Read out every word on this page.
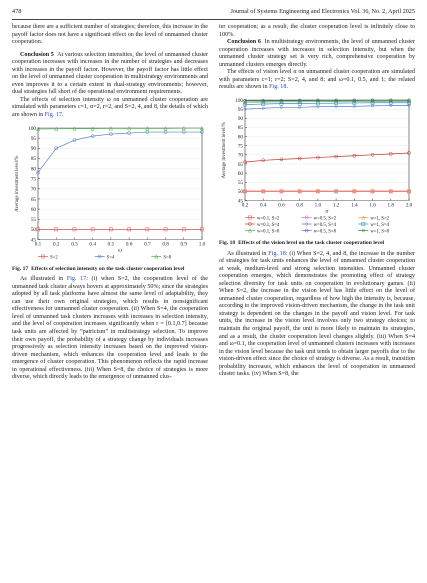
478	Journal of Systems Engineering and Electronics Vol. 36, No. 2, April 2025

because there are a sufficient number of strategies; therefore, this increase in the payoff factor does not have a significant effect on the level of unmanned cluster cooperation.

Conclusion 5 At various selection intensities, the level of unmanned cluster cooperation increases with increases in the number of strategies and decreases with increases in the payoff factor. However, the payoff factor has little effect on the level of unmanned cluster cooperation in multistrategy environments and even improves it to a certain extent in dual-strategy environments; however, dual strategies fall short of the operational environment requirements.

The effects of selection intensity ω on unmanned cluster cooperation are simulated with parameters c=1, α=2, r=2, and S=2, 4, and 8, the details of which are shown in Fig. 17.

45
50
55
60
65
70
75
80
85
90
95
100
0.1 0.2 0.3 0.4 0.5 0.6 0.7 0.8 0.9 1.0
ω
Average investment level/%
S=2	S=4	S=8
Fig. 17 Effects of selection intensity on the task cluster cooperation level

As illustrated in Fig. 17: (i) when S=2, the cooperation level of the unmanned task cluster always hovers at approximately 50%; since the strategies adopted by all task platforms have almost the same level of adaptability, they can use their own original strategies, which results in nonsignificant effectiveness for unmanned cluster cooperation. (ii) When S=4, the cooperation level of unmanned task clusters increases with increases in selection intensity, and the level of cooperation increases significantly when r = [0.1,0.7] because task units are affected by “patricism” in multistrategy selection. To improve their own payoff, the probability of a strategy change by individuals increases progressively as selection intensity increases based on the improved vision-driven mechanism, which enhances the cooperation level and leads to the emergence of cluster cooperation. This phenomenon reflects the rapid increase in operational effectiveness. (iii) When S=8, the choice of strategies is more diverse, which directly leads to the emergence of unmanned clus-

ter cooperation; as a result, the cluster cooperation level is infinitely close to 100%.

Conclusion 6 In multistrategy environments, the level of unmanned cluster cooperation increases with increases in selection intensity, but when the unmanned cluster strategy set is very rich, comprehensive cooperation by unmanned clusters emerges directly.

The effects of vision level α on unmanned cluster cooperation are simulated with parameters c=1; r=2; S=2, 4, and 8; and ω=0.1, 0.5, and 1; the related results are shown in Fig. 18.

45
50
55
60
65
70
75
80
85
90
95
100
0.2 0.4 0.6 0.8 1.0 1.2 1.4 1.6 1.8 2.0
α
Average investment level/%
w=0.1, S=2	w=0.5, S=2	w=1, S=2
w=0.1, S=4	w=0.5, S=4	w=1, S=4
w=0.1, S=8	w=0.5, S=8	w=1, S=8
Fig. 18 Effects of the vision level on the task cluster cooperation level

As illustrated in Fig. 18: (i) When S=2, 4, and 8, the increase in the number of strategies for task units enhances the level of unmanned cluster cooperation at weak, medium-level and strong selection intensities. Unmanned cluster cooperation emerges, which demonstrates the promoting effect of strategy selection diversity for task units on cooperation in evolutionary games. (ii) When S=2, the increase in the vision level has little effect on the level of unmanned cluster cooperation, regardless of how high the intensity is, because, according to the improved vision-driven mechanism, the change in the task unit strategy is dependent on the changes in the payoff and vision level. For task units, the increase in the vision level involves only two strategy choices; to maintain the original payoff, the unit is more likely to maintain its strategies, and as a result, the cluster cooperation level changes slightly. (iii) When S=4 and ω=0.1, the cooperation level of unmanned clusters increases with increases in the vision level because the task unit tends to obtain larger payoffs due to the vision-driven effect since the choice of strategy is diverse. As a result, transition probability increases, which enhances the level of cooperation in unmanned cluster tasks. (iv) When S=8, the
